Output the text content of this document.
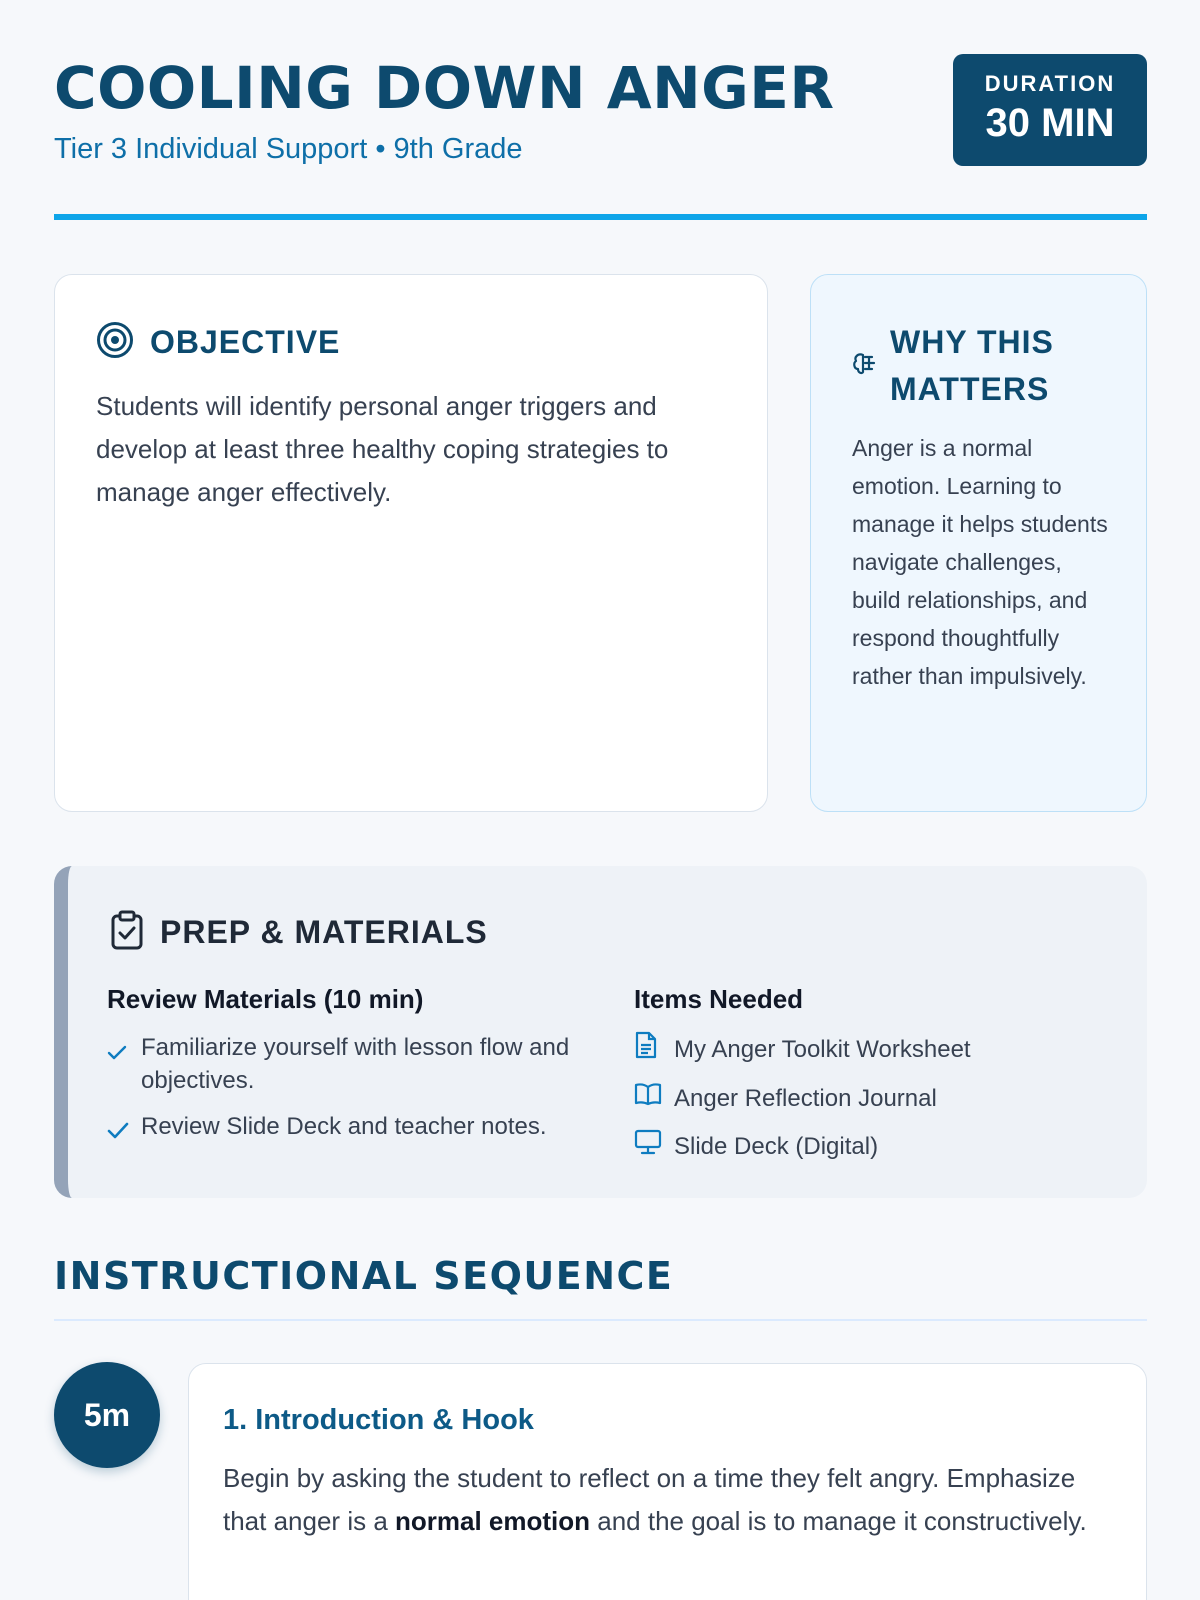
COOLING DOWN ANGER
Tier 3 Individual Support • 9th Grade
DURATION
30 MIN
OBJECTIVE
Students will identify personal anger triggers and develop at least three healthy coping strategies to manage anger effectively.
WHY THIS MATTERS
Anger is a normal emotion. Learning to manage it helps students navigate challenges, build relationships, and respond thoughtfully rather than impulsively.
PREP & MATERIALS
Review Materials (10 min)
Familiarize yourself with lesson flow and objectives.
Review Slide Deck and teacher notes.
Items Needed
My Anger Toolkit Worksheet
Anger Reflection Journal
Slide Deck (Digital)
INSTRUCTIONAL SEQUENCE
5m	1. Introduction & Hook
Begin by asking the student to reflect on a time they felt angry. Emphasize that anger is a normal emotion and the goal is to manage it constructively.
